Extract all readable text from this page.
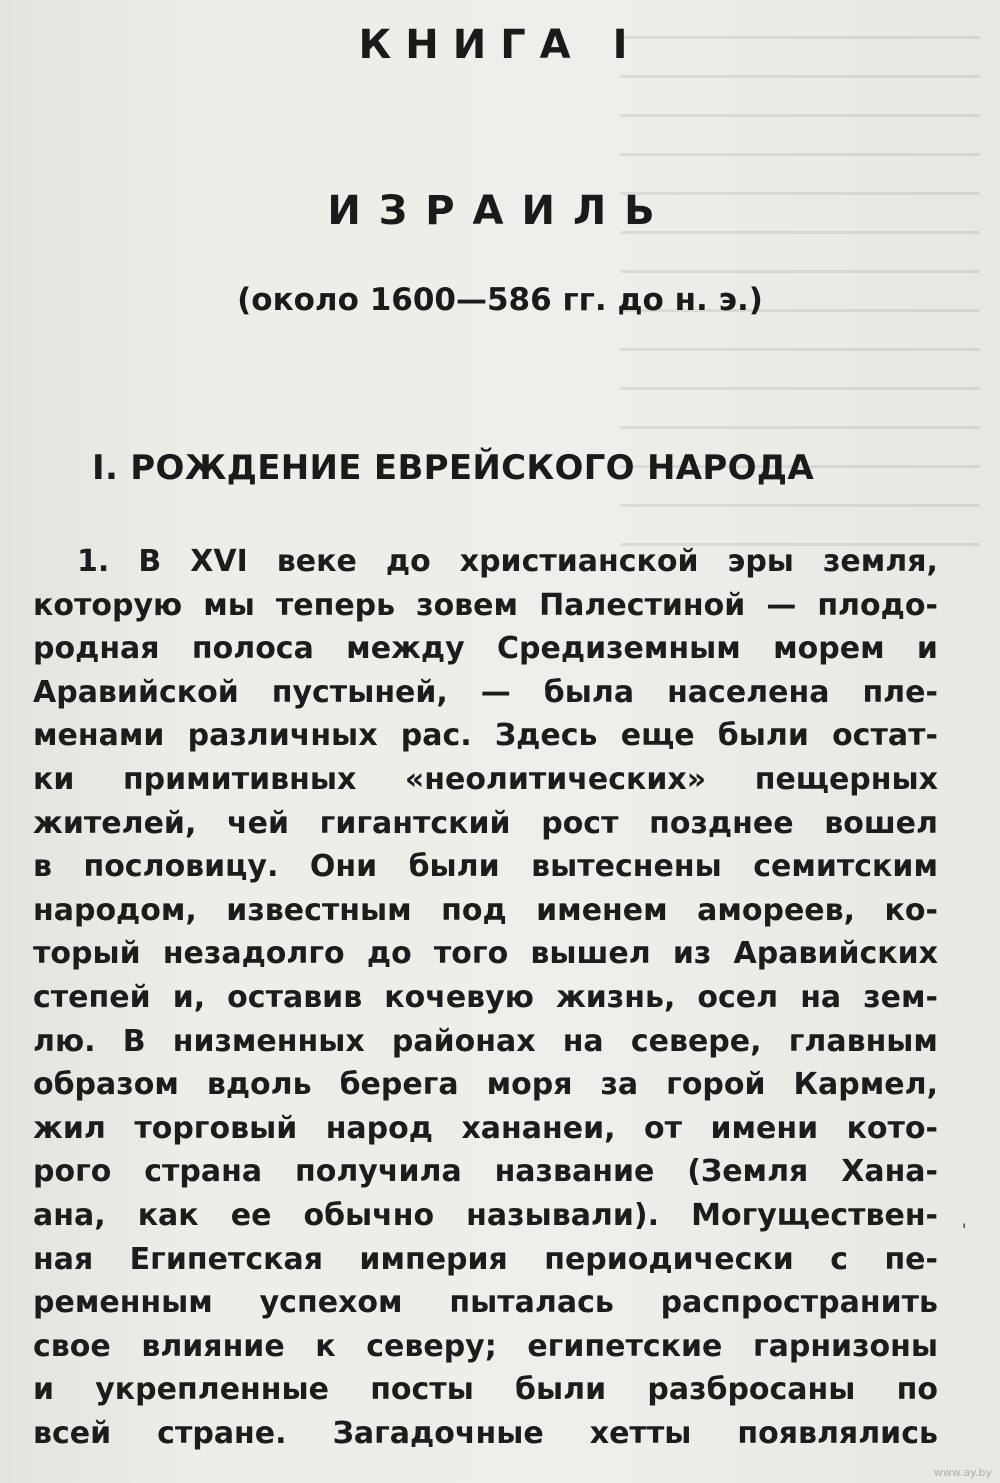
КНИГА I
ИЗРАИЛЬ
(около 1600—586 гг. до н. э.)
I. РОЖДЕНИЕ ЕВРЕЙСКОГО НАРОДА
1. В XVI веке до христианской эры земля,
которую мы теперь зовем Палестиной — плодо-
родная полоса между Средиземным морем и
Аравийской пустыней, — была населена пле-
менами различных рас. Здесь еще были остат-
ки примитивных «неолитических» пещерных
жителей, чей гигантский рост позднее вошел
в пословицу. Они были вытеснены семитским
народом, известным под именем амореев, ко-
торый незадолго до того вышел из Аравийских
степей и, оставив кочевую жизнь, осел на зем-
лю. В низменных районах на севере, главным
образом вдоль берега моря за горой Кармел,
жил торговый народ хананеи, от имени кото-
рого страна получила название (Земля Хана-
ана, как ее обычно называли). Могуществен-
ная Египетская империя периодически с пе-
ременным успехом пыталась распространить
свое влияние к северу; египетские гарнизоны
и укрепленные посты были разбросаны по
всей стране. Загадочные хетты появлялись
'
www.ay.by
